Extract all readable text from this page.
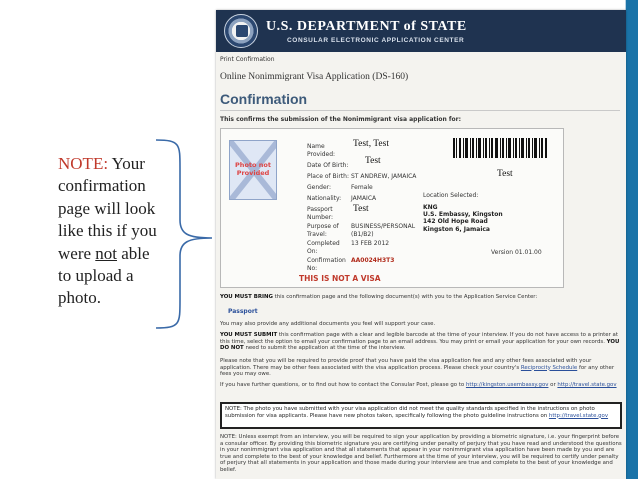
NOTE: Your
confirmation
page will look
like this if you
were not able
to upload a
photo.
U.S. DEPARTMENT of STATE
CONSULAR ELECTRONIC APPLICATION CENTER
Print Confirmation
Online Nonimmigrant Visa Application (DS-160)
Confirmation
This confirms the submission of the Nonimmigrant visa application for:
Photo not
Provided
Name
Provided:
Date Of Birth:
Place of Birth: ST ANDREW, JAMAICA
Gender:	Female
Nationality: JAMAICA
Passport
Number:
Purpose of
Travel:
BUSINESS/PERSONAL
(B1/B2)
Completed
On:
13 FEB 2012
Confirmation
No:
AA0024H3T3
Test, Test
Test
Test
Test
Location Selected:
KNG
U.S. Embassy, Kingston
142 Old Hope Road
Kingston 6, Jamaica
Version 01.01.00
THIS IS NOT A VISA
YOU MUST BRING this confirmation page and the following document(s) with you to the Application Service Center:
Passport
You may also provide any additional documents you feel will support your case.
YOU MUST SUBMIT this confirmation page with a clear and legible barcode at the time of your interview. If you do not have access to a printer at this time, select the option to email your confirmation page to an email address. You may print or email your application for your own records. YOU DO NOT need to submit the application at the time of the interview.
Please note that you will be required to provide proof that you have paid the visa application fee and any other fees associated with your application. There may be other fees associated with the visa application process. Please check your country's Reciprocity Schedule for any other fees you may owe.
If you have further questions, or to find out how to contact the Consular Post, please go to http://kingston.usembassy.gov or http://travel.state.gov
NOTE: The photo you have submitted with your visa application did not meet the quality standards specified in the instructions on photo submission for visa applicants. Please have new photos taken, specifically following the photo guideline instructions on http://travel.state.gov
NOTE: Unless exempt from an interview, you will be required to sign your application by providing a biometric signature, i.e. your fingerprint before a consular officer. By providing this biometric signature you are certifying under penalty of perjury that you have read and understood the questions in your nonimmigrant visa application and that all statements that appear in your nonimmigrant visa application have been made by you and are true and complete to the best of your knowledge and belief. Furthermore at the time of your interview, you will be required to certify under penalty of perjury that all statements in your application and those made during your interview are true and complete to the best of your knowledge and belief.
